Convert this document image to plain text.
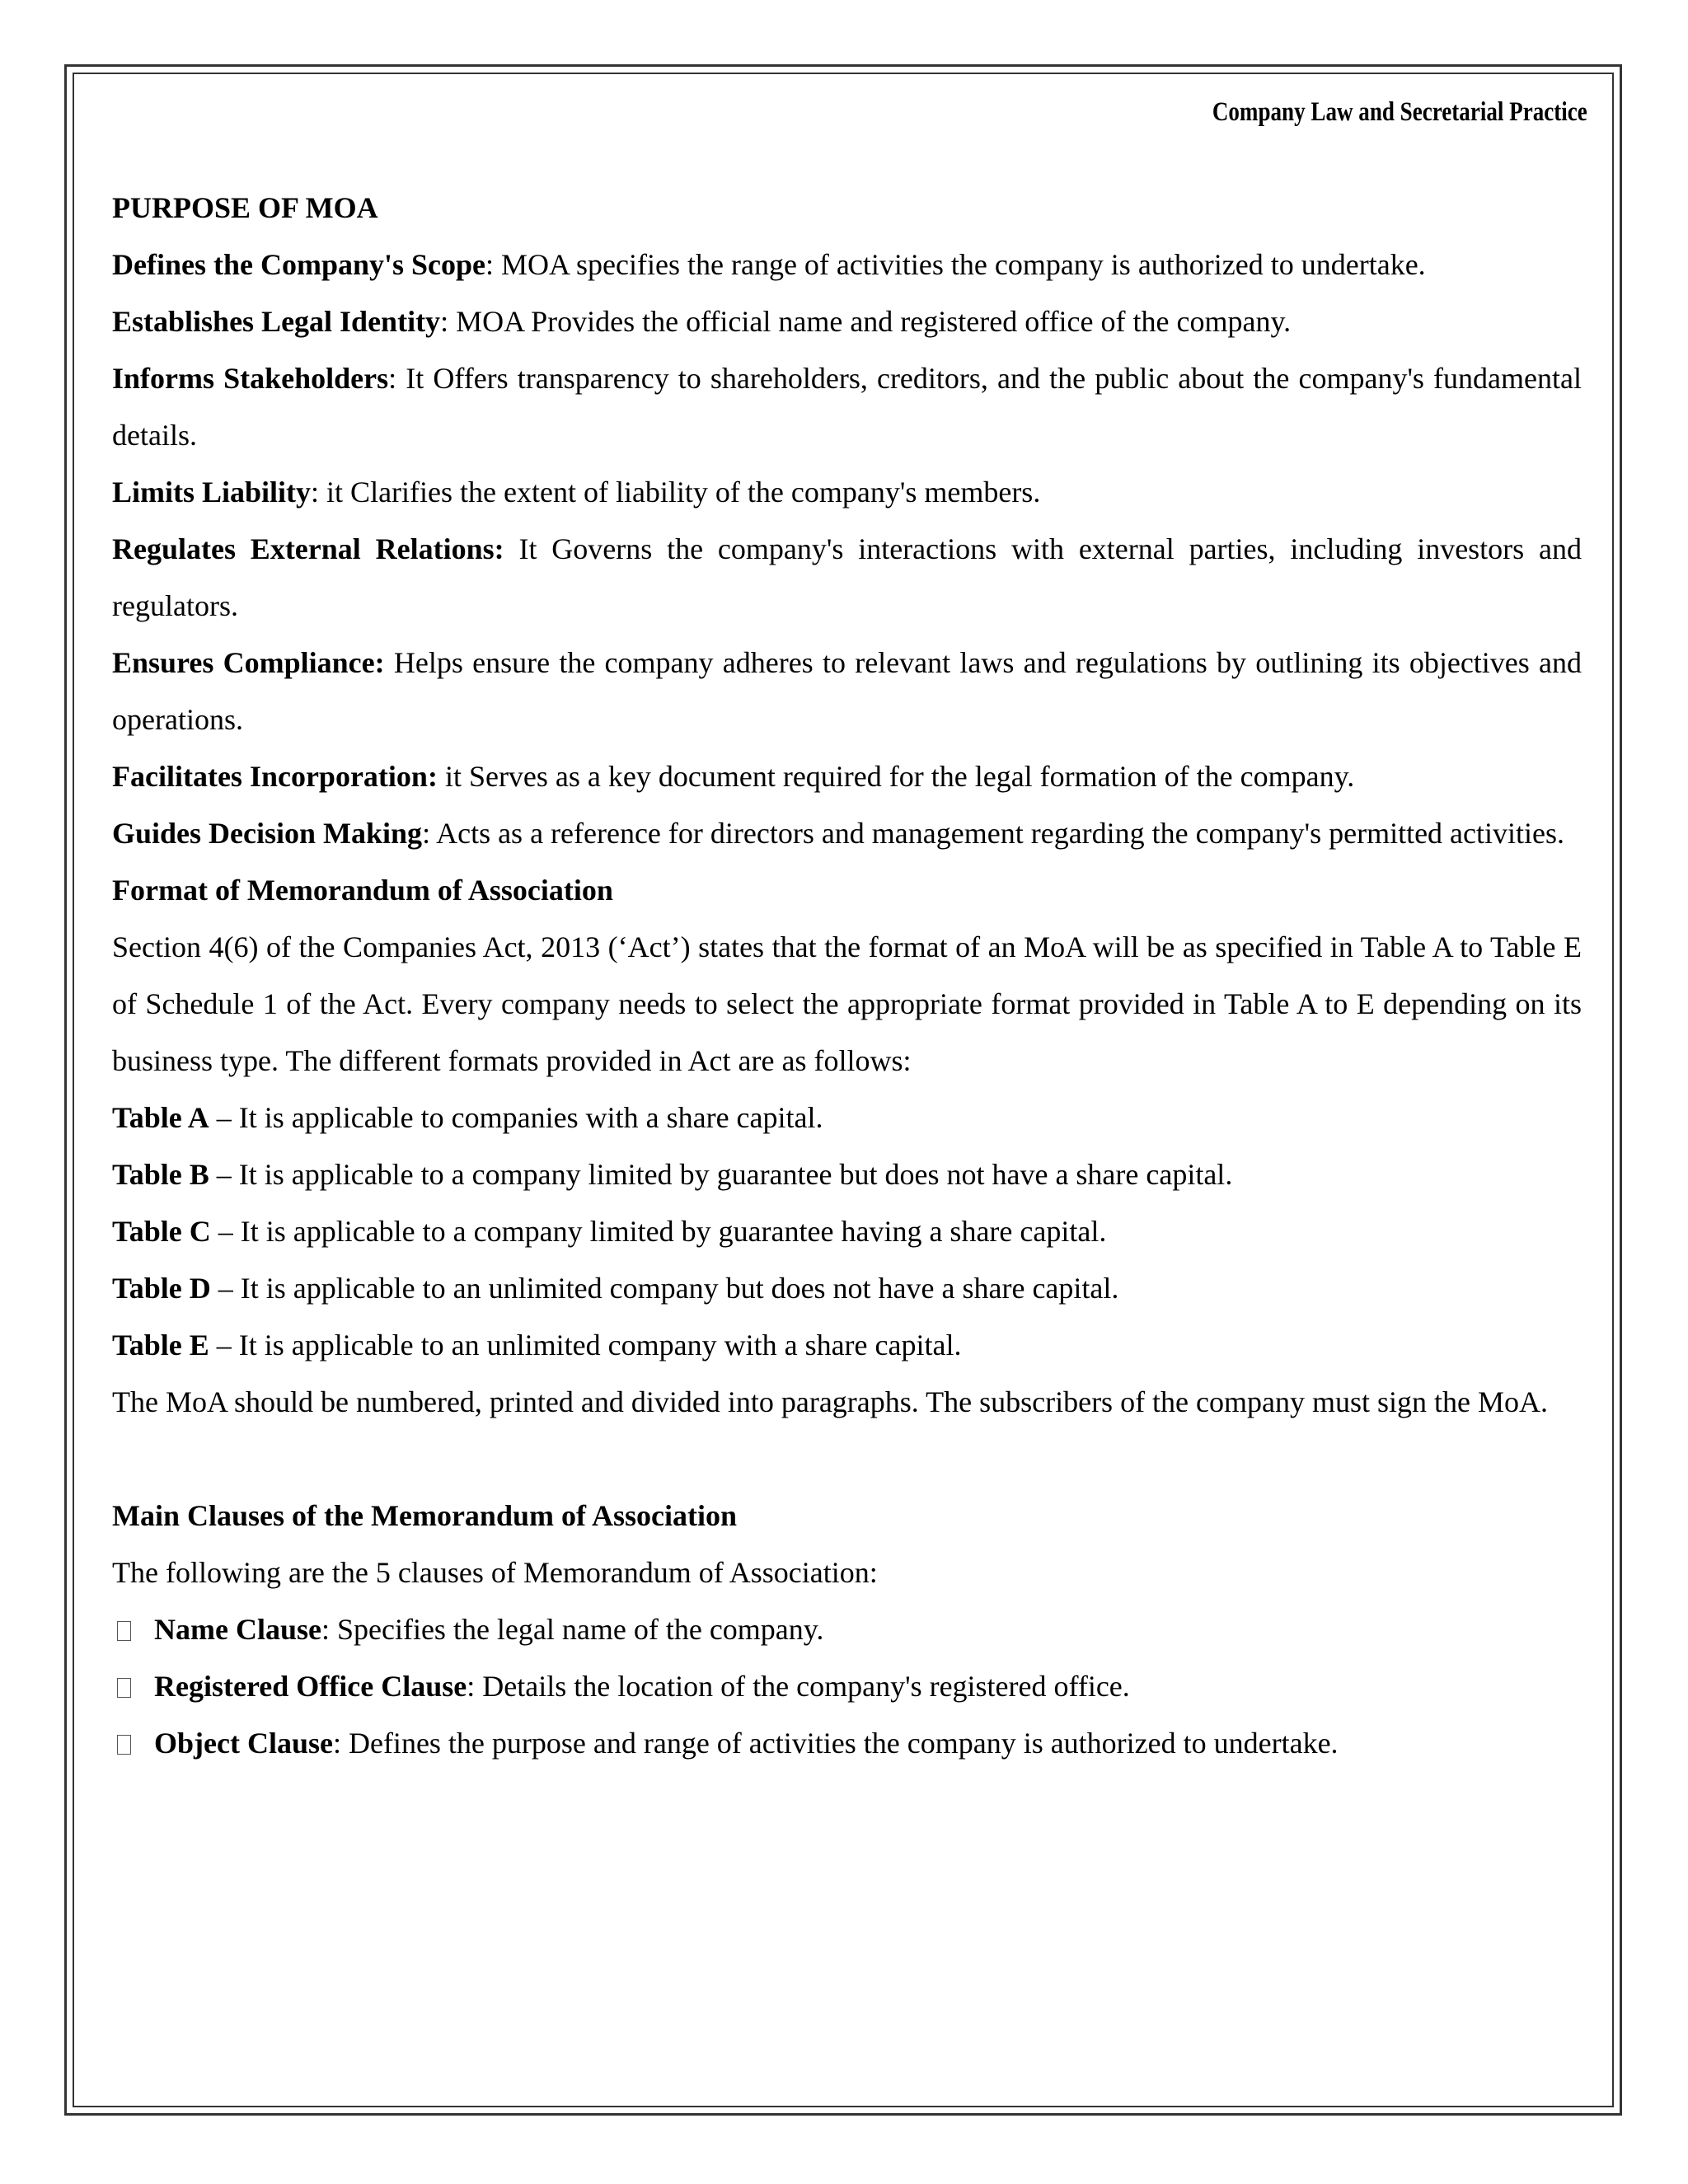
Company Law and Secretarial Practice

PURPOSE OF MOA

Defines the Company's Scope: MOA specifies the range of activities the company is authorized to undertake.

Establishes Legal Identity: MOA Provides the official name and registered office of the company.

Informs Stakeholders: It Offers transparency to shareholders, creditors, and the public about the company's fundamental details.

Limits Liability: it Clarifies the extent of liability of the company's members.

Regulates External Relations: It Governs the company's interactions with external parties, including investors and regulators.

Ensures Compliance: Helps ensure the company adheres to relevant laws and regulations by outlining its objectives and operations.

Facilitates Incorporation: it Serves as a key document required for the legal formation of the company.

Guides Decision Making: Acts as a reference for directors and management regarding the company's permitted activities.

Format of Memorandum of Association

Section 4(6) of the Companies Act, 2013 (‘Act’) states that the format of an MoA will be as specified in Table A to Table E of Schedule 1 of the Act. Every company needs to select the appropriate format provided in Table A to E depending on its business type. The different formats provided in Act are as follows:

Table A – It is applicable to companies with a share capital.

Table B – It is applicable to a company limited by guarantee but does not have a share capital.

Table C – It is applicable to a company limited by guarantee having a share capital.

Table D – It is applicable to an unlimited company but does not have a share capital.

Table E – It is applicable to an unlimited company with a share capital.

The MoA should be numbered, printed and divided into paragraphs. The subscribers of the company must sign the MoA.

Main Clauses of the Memorandum of Association

The following are the 5 clauses of Memorandum of Association:

Name Clause: Specifies the legal name of the company.
Registered Office Clause: Details the location of the company's registered office.
Object Clause: Defines the purpose and range of activities the company is authorized to undertake.
